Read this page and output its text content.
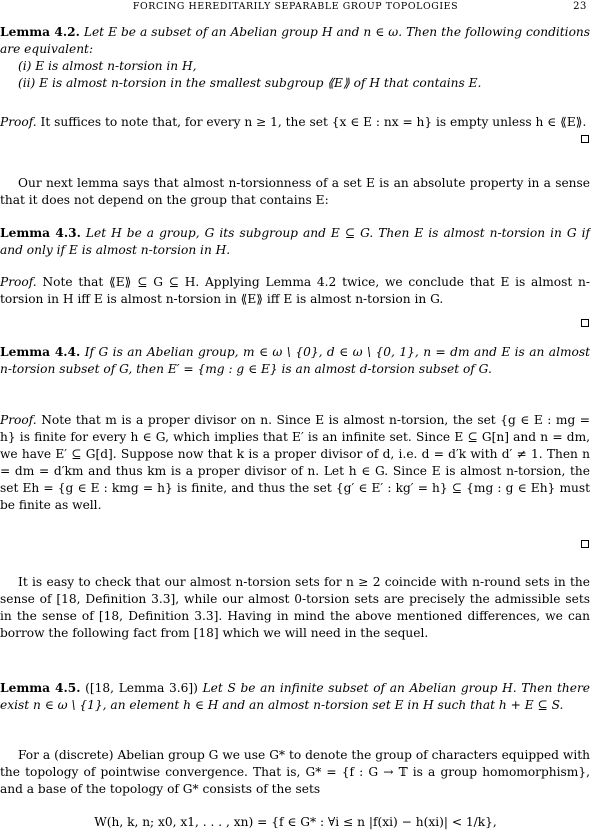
FORCING HEREDITARILY SEPARABLE GROUP TOPOLOGIES	23

Lemma 4.2. Let E be a subset of an Abelian group H and n ∈ ω. Then the following conditions are equivalent:

(i) E is almost n-torsion in H,
(ii) E is almost n-torsion in the smallest subgroup ⟪E⟫ of H that contains E.

Proof. It suffices to note that, for every n ≥ 1, the set {x ∈ E : nx = h} is empty unless h ∈ ⟪E⟫.

Our next lemma says that almost n-torsionness of a set E is an absolute property in a sense that it does not depend on the group that contains E:

Lemma 4.3. Let H be a group, G its subgroup and E ⊆ G. Then E is almost n-torsion in G if and only if E is almost n-torsion in H.

Proof. Note that ⟪E⟫ ⊆ G ⊆ H. Applying Lemma 4.2 twice, we conclude that E is almost n-torsion in H iff E is almost n-torsion in ⟪E⟫ iff E is almost n-torsion in G.

Lemma 4.4. If G is an Abelian group, m ∈ ω \ {0}, d ∈ ω \ {0, 1}, n = dm and E is an almost n-torsion subset of G, then E′ = {mg : g ∈ E} is an almost d-torsion subset of G.

Proof. Note that m is a proper divisor on n. Since E is almost n-torsion, the set {g ∈ E : mg = h} is finite for every h ∈ G, which implies that E′ is an infinite set. Since E ⊆ G[n] and n = dm, we have E′ ⊆ G[d]. Suppose now that k is a proper divisor of d, i.e. d = d′k with d′ ≠ 1. Then n = dm = d′km and thus km is a proper divisor of n. Let h ∈ G. Since E is almost n-torsion, the set Eh = {g ∈ E : kmg = h} is finite, and thus the set {g′ ∈ E′ : kg′ = h} ⊆ {mg : g ∈ Eh} must be finite as well.

It is easy to check that our almost n-torsion sets for n ≥ 2 coincide with n-round sets in the sense of [18, Definition 3.3], while our almost 0-torsion sets are precisely the admissible sets in the sense of [18, Definition 3.3]. Having in mind the above mentioned differences, we can borrow the following fact from [18] which we will need in the sequel.

Lemma 4.5. ([18, Lemma 3.6]) Let S be an infinite subset of an Abelian group H. Then there exist n ∈ ω \ {1}, an element h ∈ H and an almost n-torsion set E in H such that h + E ⊆ S.

For a (discrete) Abelian group G we use G* to denote the group of characters equipped with the topology of pointwise convergence. That is, G* = {f : G → 𝕋 is a group homomorphism}, and a base of the topology of G* consists of the sets

W(h, k, n; x0, x1, . . . , xn) = {f ∈ G* : ∀i ≤ n |f(xi) − h(xi)| < 1/k},
